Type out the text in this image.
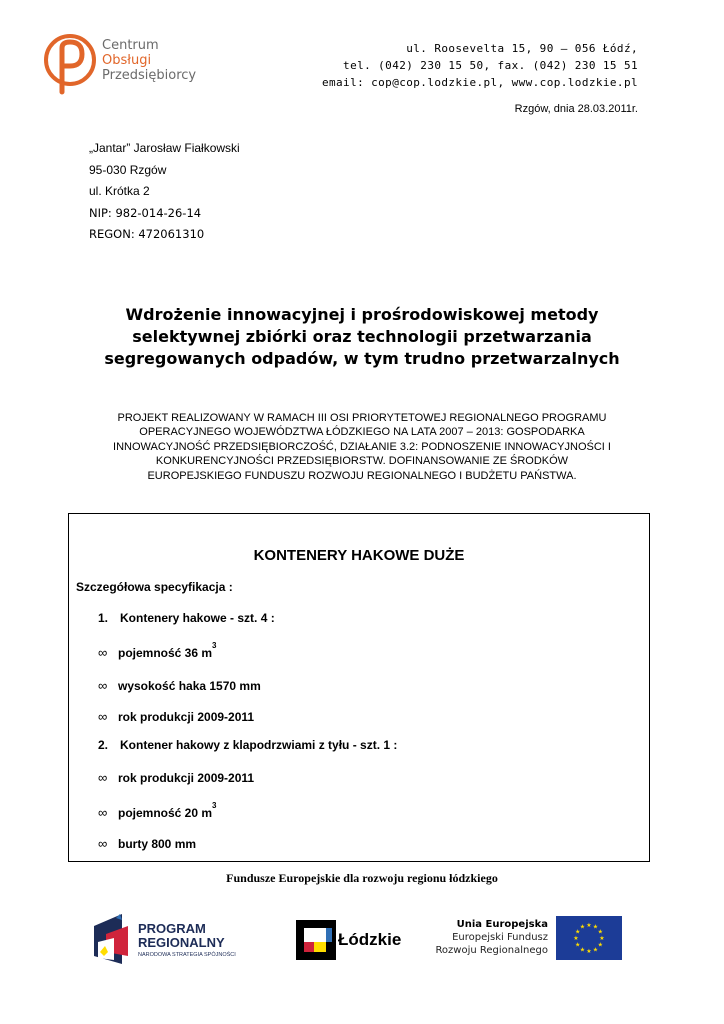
Centrum
Obsługi
Przedsiębiorcy
ul. Roosevelta 15, 90 – 056 Łódź,
tel. (042) 230 15 50, fax. (042) 230 15 51
email: cop@cop.lodzkie.pl, www.cop.lodzkie.pl
Rzgów, dnia 28.03.2011r.
„Jantar” Jarosław Fiałkowski
95-030 Rzgów
ul. Krótka 2
NIP: 982-014-26-14
REGON: 472061310
Wdrożenie innowacyjnej i prośrodowiskowej metody
selektywnej zbiórki oraz technologii przetwarzania
segregowanych odpadów, w tym trudno przetwarzalnych
PROJEKT REALIZOWANY W RAMACH III OSI PRIORYTETOWEJ REGIONALNEGO PROGRAMU
OPERACYJNEGO WOJEWÓDZTWA ŁÓDZKIEGO NA LATA 2007 – 2013: GOSPODARKA
INNOWACYJNOŚĆ PRZEDSIĘBIORCZOŚĆ, DZIAŁANIE 3.2: PODNOSZENIE INNOWACYJNOŚCI I
KONKURENCYJNOŚCI PRZEDSIĘBIORSTW. DOFINANSOWANIE ZE ŚRODKÓW
EUROPEJSKIEGO FUNDUSZU ROZWOJU REGIONALNEGO I BUDŻETU PAŃSTWA.
KONTENERY HAKOWE DUŻE
Szczegółowa specyfikacja :
1. Kontenery hakowe - szt. 4 :
∞ pojemność 36 $m^3$
∞ wysokość haka 1570 mm
∞ rok produkcji 2009-2011
2. Kontener hakowy z klapodrzwiami z tyłu - szt. 1 :
∞ rok produkcji 2009-2011
∞ pojemność 20 $m^3$
∞ burty 800 mm
Fundusze Europejskie dla rozwoju regionu łódzkiego
PROGRAM
REGIONALNY
NARODOWA STRATEGIA SPÓJNOŚCI
Łódzkie
Unia Europejska
Europejski Fundusz
Rozwoju Regionalnego
★ ★
★
★
★
★
★
★
★
★
★
★
